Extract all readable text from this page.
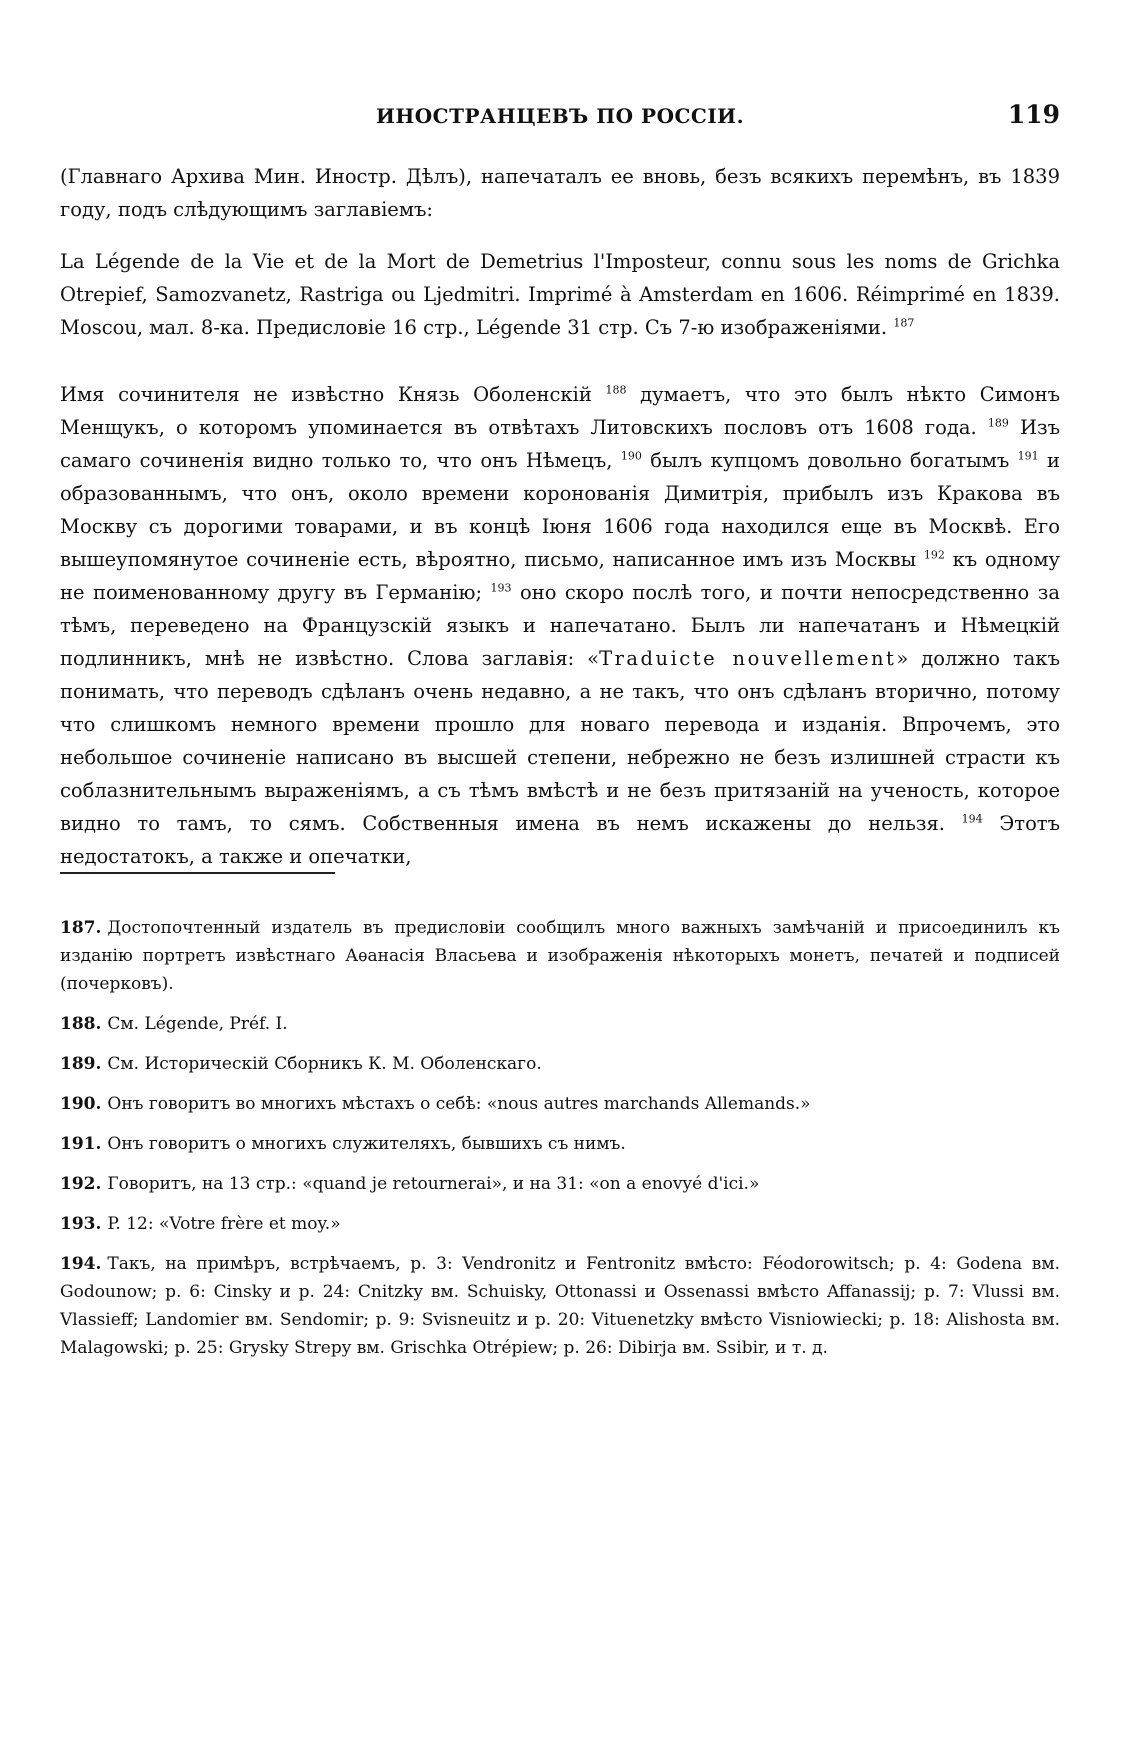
ИНОСТРАНЦЕВЪ ПО РОССIИ.	119

(Главнаго Архива Мин. Иностр. Дѣлъ), напечаталъ ее вновь, безъ всякихъ перемѣнъ, въ 1839 году, подъ слѣдующимъ заглавiемъ:

La Légende de la Vie et de la Mort de Demetrius l'Imposteur, connu sous les noms de Grichka Otrepief, Samozvanetz, Rastriga ou Ljedmitri. Imprimé à Amsterdam en 1606. Réimprimé en 1839. Moscou, мал. 8-ка. Предисловiе 16 стр., Légende 31 стр. Съ 7-ю изображенiями. $^{187}$

Имя сочинителя не извѣстно Князь Оболенскiй $^{188}$ думаетъ, что это былъ нѣкто Симонъ Менщукъ, о которомъ упоминается въ отвѣтахъ Литовскихъ пословъ отъ 1608 года. $^{189}$ Изъ самаго сочиненiя видно только то, что онъ Нѣмецъ, $^{190}$ былъ купцомъ довольно богатымъ $^{191}$ и образованнымъ, что онъ, около времени коронованiя Димитрiя, прибылъ изъ Кракова въ Москву съ дорогими товарами, и въ концѣ Iюня 1606 года находился еще въ Москвѣ. Его вышеупомянутое сочиненiе есть, вѣроятно, письмо, написанное имъ изъ Москвы $^{192}$ къ одному не поименованному другу въ Германiю; $^{193}$ оно скоро послѣ того, и почти непосредственно за тѣмъ, переведено на Французскiй языкъ и напечатано. Былъ ли напечатанъ и Нѣмецкiй подлинникъ, мнѣ не извѣстно. Слова заглавiя: «Traduicte nouvellement» должно такъ понимать, что переводъ сдѣланъ очень недавно, а не такъ, что онъ сдѣланъ вторично, потому что слишкомъ немного времени прошло для новаго перевода и изданiя. Впрочемъ, это небольшое сочиненiе написано въ высшей степени, небрежно не безъ излишней страсти къ соблазнительнымъ выраженiямъ, а съ тѣмъ вмѣстѣ и не безъ притязанiй на ученость, которое видно то тамъ, то сямъ. Собственныя имена въ немъ искажены до нельзя. $^{194}$ Этотъ недостатокъ, а также и опечатки,

187. Достопочтенный издатель въ предисловiи сообщилъ много важныхъ замѣчанiй и присоединилъ къ изданiю портретъ извѣстнаго Аѳанасiя Власьева и изображенiя нѣкоторыхъ монетъ, печатей и подписей (почерковъ).
188. См. Légende, Préf. I.
189. См. Историческiй Сборникъ К. М. Оболенскаго.
190. Онъ говоритъ во многихъ мѣстахъ о себѣ: «nous autres marchands Allemands.»
191. Онъ говоритъ о многихъ служителяхъ, бывшихъ съ нимъ.
192. Говоритъ, на 13 стр.: «quand je retournerai», и на 31: «on a enovyé d'ici.»
193. P. 12: «Votre frère et moy.»
194. Такъ, на примѣръ, встрѣчаемъ, p. 3: Vendronitz и Fentronitz вмѣсто: Féodorowitsch; p. 4: Godena вм. Godounow; p. 6: Cinsky и p. 24: Cnitzky вм. Schuisky, Ottonassi и Ossenassi вмѣсто Affanassij; p. 7: Vlussi вм. Vlassieff; Landomier вм. Sendomir; p. 9: Svisneuitz и p. 20: Vituenetzky вмѣсто Visniowiecki; p. 18: Alishosta вм. Malagowski; p. 25: Grysky Strepy вм. Grischka Otrépiew; p. 26: Dibirja вм. Ssibir, и т. д.
